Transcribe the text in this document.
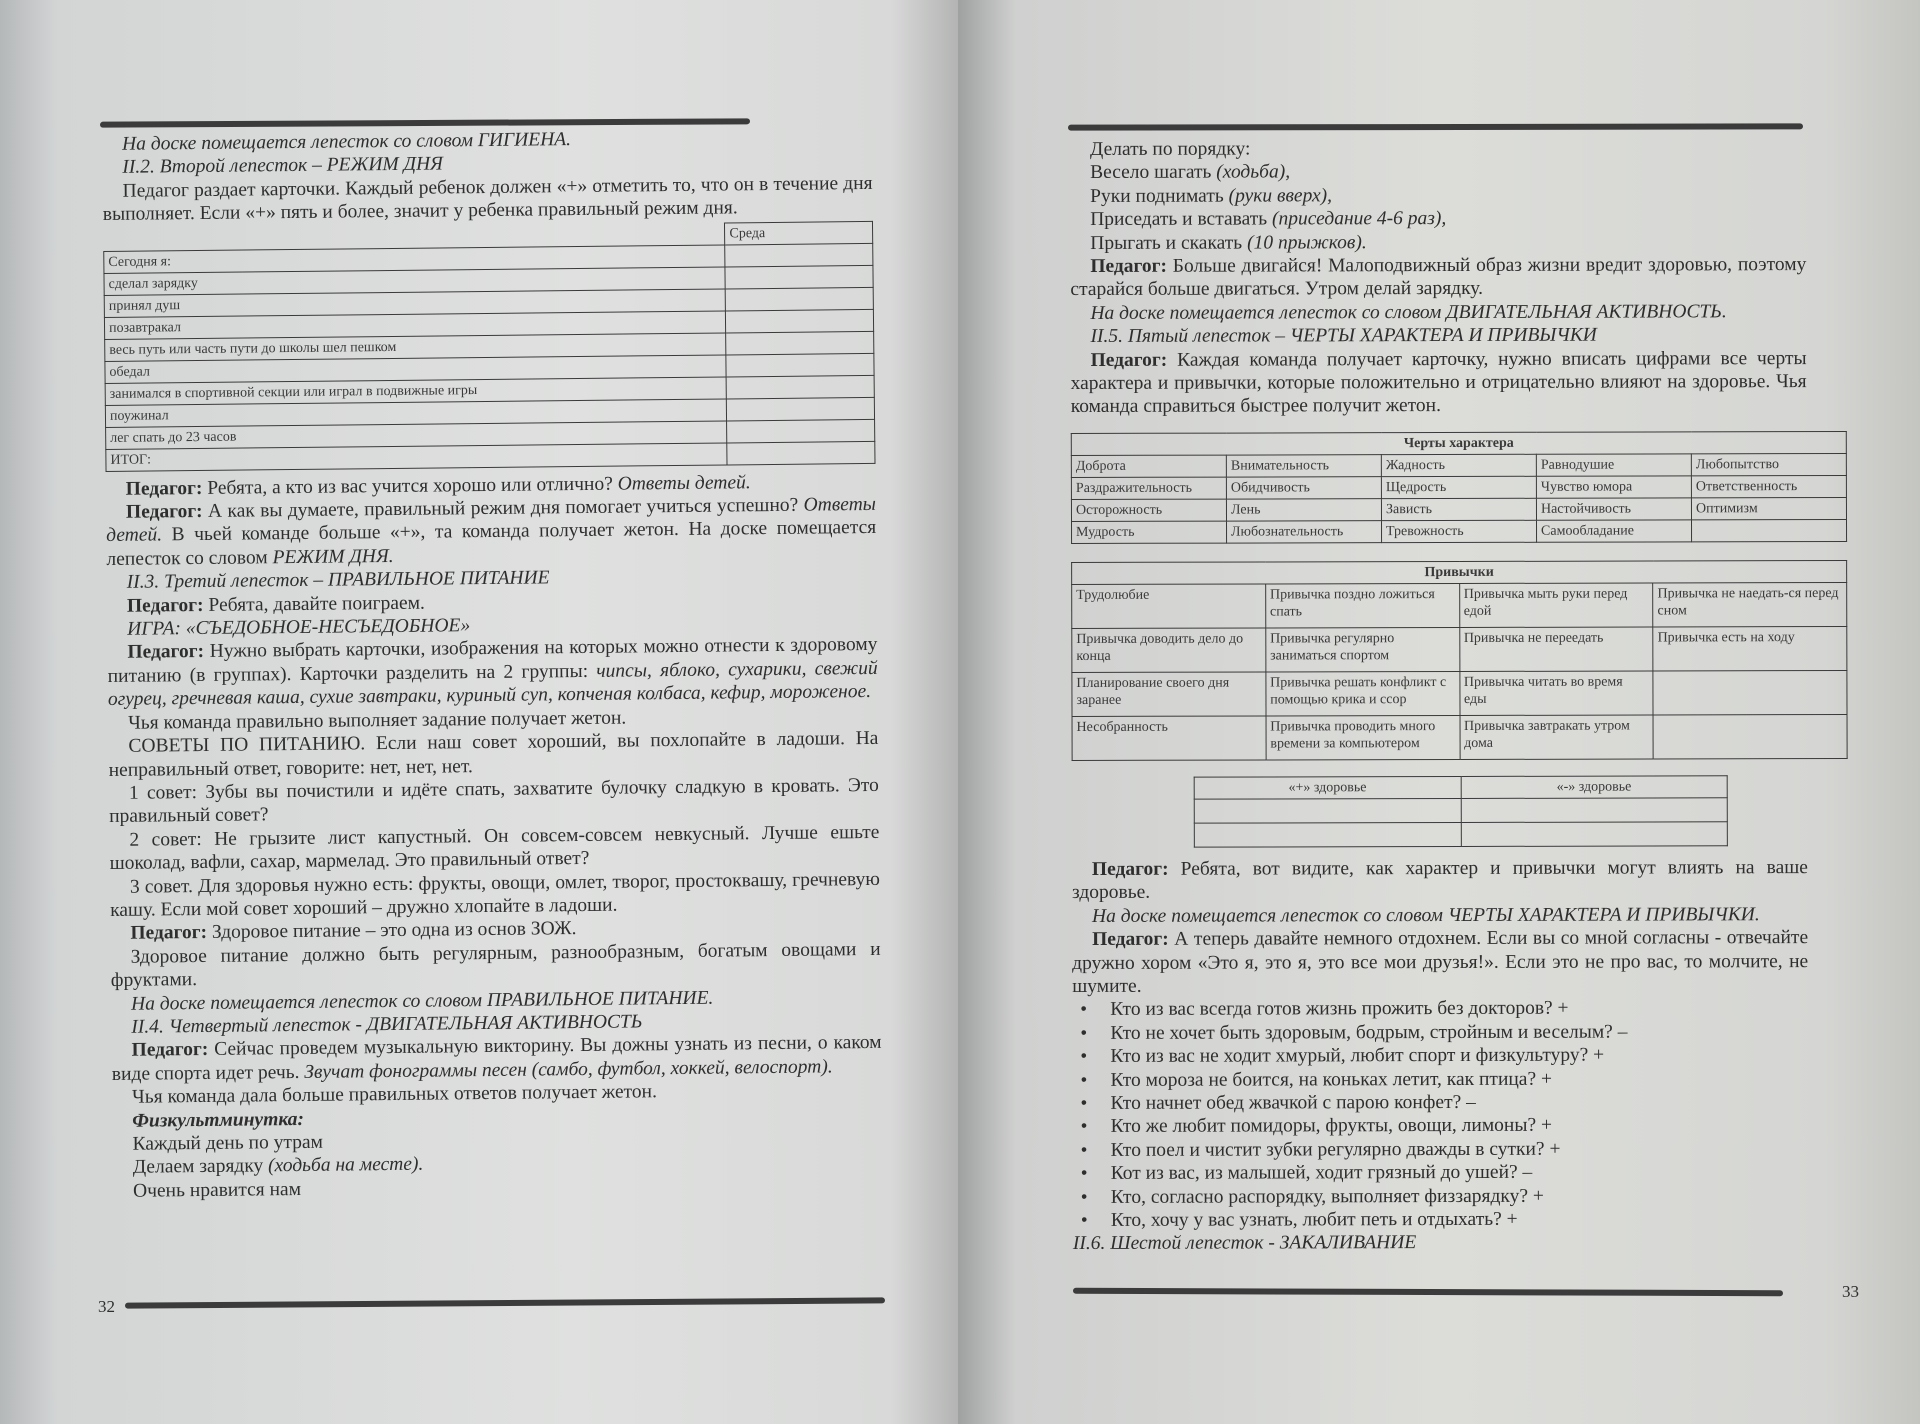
32

На доске помещается лепесток со словом ГИГИЕНА.

II.2. Второй лепесток – РЕЖИМ ДНЯ

Педагог раздает карточки. Каждый ребенок должен «+» отметить то, что он в течение дня выполняет. Если «+» пять и более, значит у ребенка правильный режим дня.

	Среда
Сегодня я:	
сделал зарядку	
принял душ	
позавтракал	
весь путь или часть пути до школы шел пешком	
обедал	
занимался в спортивной секции или играл в подвижные игры	
поужинал	
лег спать до 23 часов	
ИТОГ:	

Педагог: Ребята, а кто из вас учится хорошо или отлично? Ответы детей.

Педагог: А как вы думаете, правильный режим дня помогает учиться успешно? Ответы детей. В чьей команде больше «+», та команда получает жетон. На доске помещается лепесток со словом РЕЖИМ ДНЯ.

II.3. Третий лепесток – ПРАВИЛЬНОЕ ПИТАНИЕ

Педагог: Ребята, давайте поиграем.

ИГРА: «СЪЕДОБНОЕ-НЕСЪЕДОБНОЕ»

Педагог: Нужно выбрать карточки, изображения на которых можно отнести к здоровому питанию (в группах). Карточки разделить на 2 группы: чипсы, яблоко, сухарики, свежий огурец, гречневая каша, сухие завтраки, куриный суп, копченая колбаса, кефир, мороженое.

Чья команда правильно выполняет задание получает жетон.

СОВЕТЫ ПО ПИТАНИЮ. Если наш совет хороший, вы похлопайте в ладоши. На неправильный ответ, говорите: нет, нет, нет.

1 совет: Зубы вы почистили и идёте спать, захватите булочку сладкую в кровать. Это правильный совет?

2 совет: Не грызите лист капустный. Он совсем-совсем невкусный. Лучше ешьте шоколад, вафли, сахар, мармелад. Это правильный ответ?

3 совет. Для здоровья нужно есть: фрукты, овощи, омлет, творог, простоквашу, гречневую кашу. Если мой совет хороший – дружно хлопайте в ладоши.

Педагог: Здоровое питание – это одна из основ ЗОЖ.

Здоровое питание должно быть регулярным, разнообразным, богатым овощами и фруктами.

На доске помещается лепесток со словом ПРАВИЛЬНОЕ ПИТАНИЕ.

II.4. Четвертый лепесток - ДВИГАТЕЛЬНАЯ АКТИВНОСТЬ

Педагог: Сейчас проведем музыкальную викторину. Вы дожны узнать из песни, о каком виде спорта идет речь. Звучат фонограммы песен (самбо, футбол, хоккей, велоспорт).

Чья команда дала больше правильных ответов получает жетон.

Физкультминутка:

Каждый день по утрам

Делаем зарядку (ходьба на месте).

Очень нравится нам

33

Делать по порядку:

Весело шагать (ходьба),

Руки поднимать (руки вверх),

Приседать и вставать (приседание 4-6 раз),

Прыгать и скакать (10 прыжков).

Педагог: Больше двигайся! Малоподвижный образ жизни вредит здоровью, поэтому старайся больше двигаться. Утром делай зарядку.

На доске помещается лепесток со словом ДВИГАТЕЛЬНАЯ АКТИВНОСТЬ.

II.5. Пятый лепесток – ЧЕРТЫ ХАРАКТЕРА И ПРИВЫЧКИ

Педагог: Каждая команда получает карточку, нужно вписать цифрами все черты характера и привычки, которые положительно и отрицательно влияют на здоровье. Чья команда справиться быстрее получит жетон.

Черты характера				
Доброта	Внимательность	Жадность	Равнодушие	Любопытство
Раздражительность	Обидчивость	Щедрость	Чувство юмора	Ответственность
Осторожность	Лень	Зависть	Настойчивость	Оптимизм
Мудрость	Любознательность	Тревожность	Самообладание	
Привычки			
Трудолюбие	Привычка поздно ложиться спать	Привычка мыть руки перед едой	Привычка не наедать-ся перед сном
Привычка доводить дело до конца	Привычка регулярно заниматься спортом	Привычка не переедать	Привычка есть на ходу
Планирование своего дня заранее	Привычка решать конфликт с помощью крика и ссор	Привычка читать во время еды	
Несобранность	Привычка проводить много времени за компьютером	Привычка завтракать утром дома	
«+» здоровье	«-» здоровье

Педагог: Ребята, вот видите, как характер и привычки могут влиять на ваше здоровье.

На доске помещается лепесток со словом ЧЕРТЫ ХАРАКТЕРА И ПРИВЫЧКИ.

Педагог: А теперь давайте немного отдохнем. Если вы со мной согласны - отвечайте дружно хором «Это я, это я, это все мои друзья!». Если это не про вас, то молчите, не шумите.

• Кто из вас всегда готов жизнь прожить без докторов? +
• Кто не хочет быть здоровым, бодрым, стройным и веселым? –
• Кто из вас не ходит хмурый, любит спорт и физкультуру? +
• Кто мороза не боится, на коньках летит, как птица? +
• Кто начнет обед жвачкой с парою конфет? –
• Кто же любит помидоры, фрукты, овощи, лимоны? +
• Кто поел и чистит зубки регулярно дважды в сутки? +
• Кот из вас, из малышей, ходит грязный до ушей? –
• Кто, согласно распорядку, выполняет физзарядку? +
• Кто, хочу у вас узнать, любит петь и отдыхать? +

II.6. Шестой лепесток - ЗАКАЛИВАНИЕ
